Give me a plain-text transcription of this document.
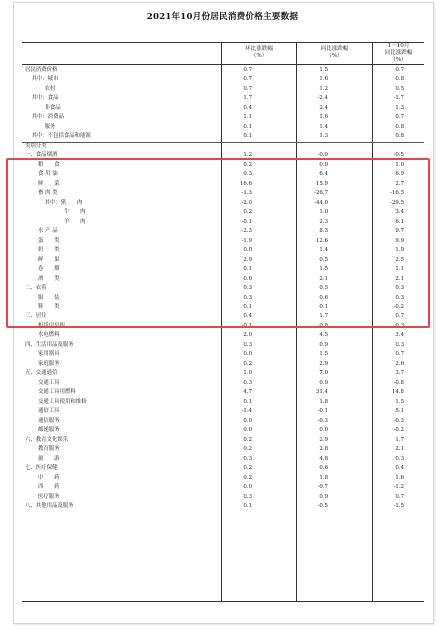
2021年10月份居民消费价格主要数据
环比涨跌幅
（%）
同比涨跌幅
（%）
1－10月
同比涨跌幅
（%）
居民消费价格	0.7	1.5	0.7
其中：城市	0.7	1.6	0.8
农村	0.7	1.2	0.5
其中：食品	1.7	-2.4	-1.7
非食品	0.4	2.4	1.3
其中：消费品	1.1	1.6	0.7
服务	0.1	1.4	0.8
其中：不包括食品和能源	0.1	1.3	0.8
类别分类
一、食品烟酒	1.2	-0.9	-0.5
粮　　食	0.2	0.9	1.0
食 用 油	0.3	6.4	6.9
鲜　　菜	16.6	15.9	2.7
畜 肉 类	-1.3	-26.7	-16.5
其中：猪　　肉	-2.0	-44.0	-29.5
牛　　肉	0.2	1.0	3.4
羊　　肉	-0.1	2.3	6.1
水 产 品	-2.3	8.3	9.7
蛋　　类	-1.9	12.6	9.9
奶　　类	0.0	1.4	1.9
鲜　　果	2.9	0.5	2.5
卷　　烟	0.1	1.5	1.1
酒　　类	0.6	2.1	2.1
二、衣着	0.3	0.5	0.3
服　　装	0.3	0.6	0.3
鞋　　类	0.1	0.1	-0.2
三、居住	0.4	1.7	0.7
租赁房房租	-0.1	0.8	0.3
水电燃料	2.0	4.5	3.4
四、生活用品及服务	0.3	0.9	0.3
家用器具	0.0	1.5	0.7
家庭服务	0.2	2.9	2.6
五、交通通信	1.0	7.0	3.7
交通工具	0.3	0.9	-0.8
交通工具用燃料	4.7	31.4	14.8
交通工具使用和维修	0.1	1.8	1.5
通信工具	-1.4	-0.1	5.1
通信服务	0.0	-0.3	-0.3
邮递服务	0.0	0.0	-0.2
六、教育文化娱乐	0.2	2.9	1.7
教育服务	0.2	2.8	2.1
旅　　游	0.3	4.8	0.3
七、医疗保健	0.2	0.6	0.4
中　　药	0.2	1.8	1.6
西　　药	0.0	-0.7	-1.2
医疗服务	0.3	0.9	0.7
八、其他用品及服务	0.1	-0.5	-1.5
